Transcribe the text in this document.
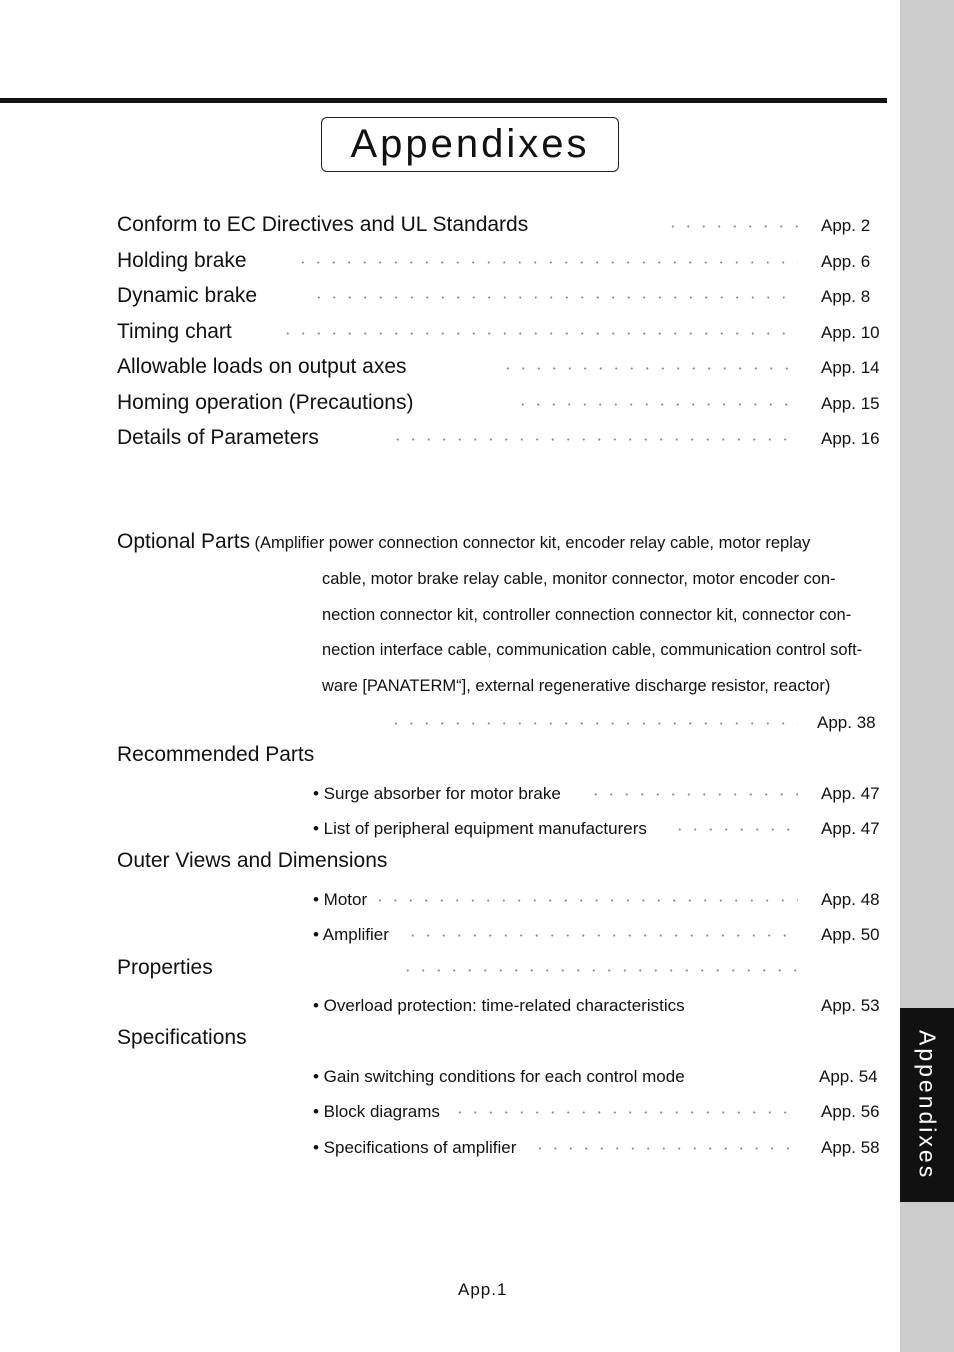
Appendixes
Appendixes
Conform to EC Directives and UL Standards	App. 2
Holding brake	App. 6
Dynamic brake	App. 8
Timing chart	App. 10
Allowable loads on output axes	App. 14
Homing operation (Precautions)	App. 15
Details of Parameters	App. 16
Optional Parts (Amplifier power connection connector kit, encoder relay cable, motor replay
cable, motor brake relay cable, monitor connector, motor encoder con-
nection connector kit, controller connection connector kit, connector con-
nection interface cable, communication cable, communication control soft-
ware [PANATERM“], external regenerative discharge resistor, reactor)
App. 38
Recommended Parts
• Surge absorber for motor brake	App. 47
• List of peripheral equipment manufacturers	App. 47
Outer Views and Dimensions
• Motor	App. 48
• Amplifier	App. 50
Properties
• Overload protection: time-related characteristics	App. 53
Specifications
• Gain switching conditions for each control mode	App. 54
• Block diagrams	App. 56
• Specifications of amplifier	App. 58
App.1
